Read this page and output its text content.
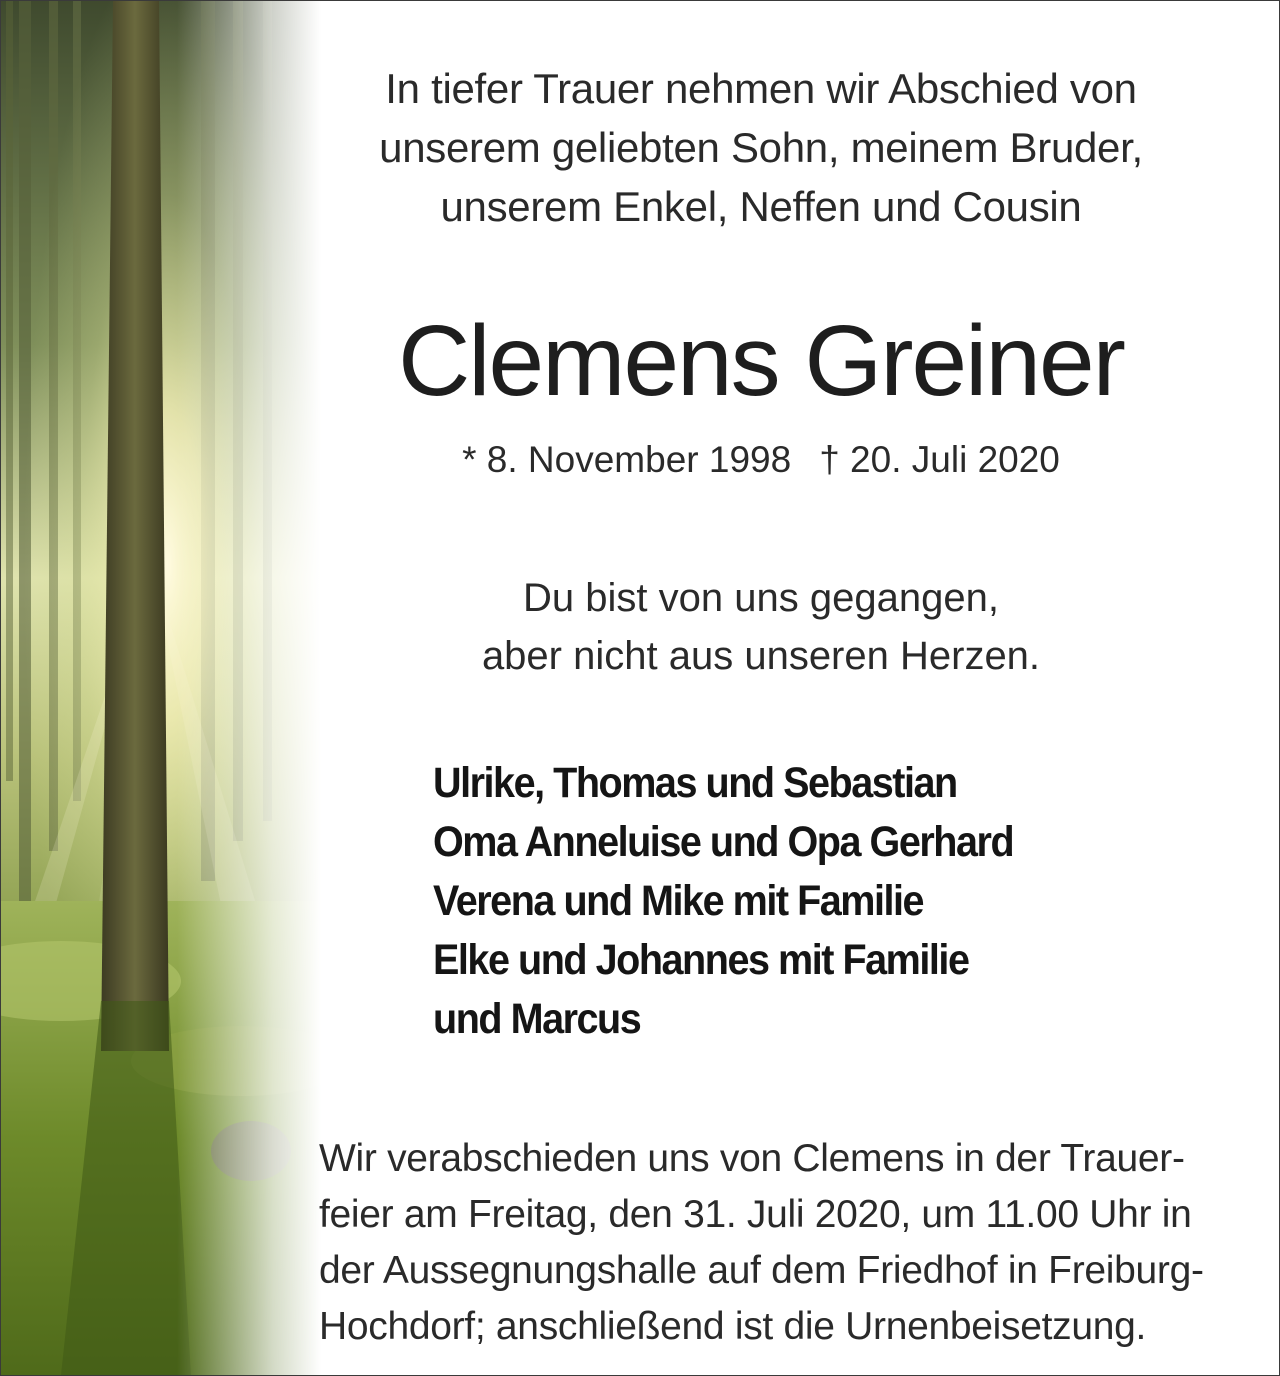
In tiefer Trauer nehmen wir Abschied von
unserem geliebten Sohn, meinem Bruder,
unserem Enkel, Neffen und Cousin
Clemens Greiner
* 8. November 1998 † 20. Juli 2020
Du bist von uns gegangen,
aber nicht aus unseren Herzen.
Ulrike, Thomas und Sebastian
Oma Anneluise und Opa Gerhard
Verena und Mike mit Familie
Elke und Johannes mit Familie
und Marcus
Wir verabschieden uns von Clemens in der Trauer-
feier am Freitag, den 31. Juli 2020, um 11.00 Uhr in
der Aussegnungshalle auf dem Friedhof in Freiburg-
Hochdorf; anschließend ist die Urnenbeisetzung.
